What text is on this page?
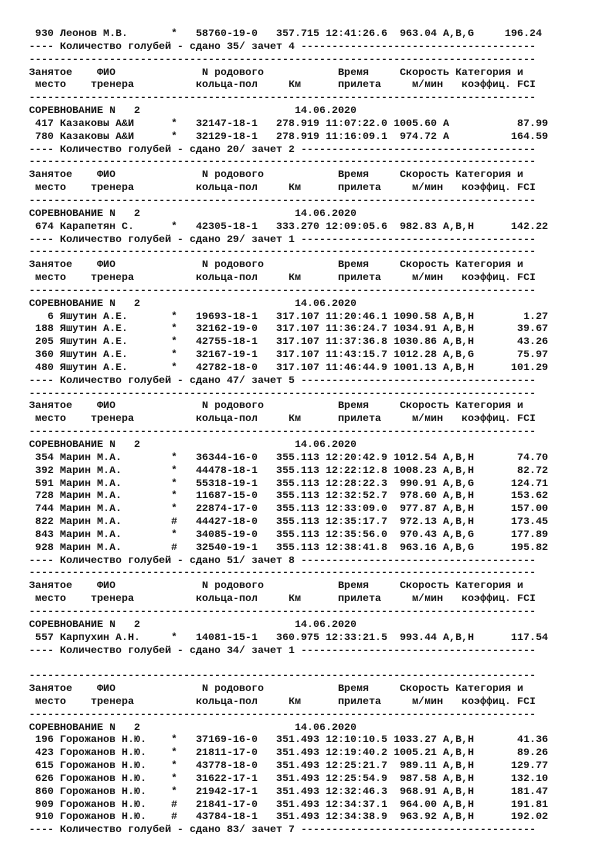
930 Леонов М.В.       *   58760-19-0   357.715 12:41:26.6  963.04 A,B,G     196.24
---- Количество голубей - сдано 35/ зачет 4 --------------------------------------
----------------------------------------------------------------------------------
Занятое    ФИО              N родового            Время     Скорость Категория и
место    тренера          кольца-пол     Км      прилета     м/мин   коэффиц. FCI
----------------------------------------------------------------------------------
СОРЕВНОВАНИЕ N   2                         14.06.2020
417 Казаковы А&И      *   32147-18-1   278.919 11:07:22.0 1005.60 A           87.99
780 Казаковы А&И      *   32129-18-1   278.919 11:16:09.1  974.72 A          164.59
---- Количество голубей - сдано 20/ зачет 2 --------------------------------------
----------------------------------------------------------------------------------
Занятое    ФИО              N родового            Время     Скорость Категория и
место    тренера          кольца-пол     Км      прилета     м/мин   коэффиц. FCI
----------------------------------------------------------------------------------
СОРЕВНОВАНИЕ N   2                         14.06.2020
674 Карапетян С.      *   42305-18-1   333.270 12:09:05.6  982.83 A,B,H      142.22
---- Количество голубей - сдано 29/ зачет 1 --------------------------------------
----------------------------------------------------------------------------------
Занятое    ФИО              N родового            Время     Скорость Категория и
место    тренера          кольца-пол     Км      прилета     м/мин   коэффиц. FCI
----------------------------------------------------------------------------------
СОРЕВНОВАНИЕ N   2                         14.06.2020
6 Яшутин А.Е.       *   19693-18-1   317.107 11:20:46.1 1090.58 A,B,H        1.27
188 Яшутин А.Е.       *   32162-19-0   317.107 11:36:24.7 1034.91 A,B,H       39.67
205 Яшутин А.Е.       *   42755-18-1   317.107 11:37:36.8 1030.86 A,B,H       43.26
360 Яшутин А.Е.       *   32167-19-1   317.107 11:43:15.7 1012.28 A,B,G       75.97
480 Яшутин А.Е.       *   42782-18-0   317.107 11:46:44.9 1001.13 A,B,H      101.29
---- Количество голубей - сдано 47/ зачет 5 --------------------------------------
----------------------------------------------------------------------------------
Занятое    ФИО              N родового            Время     Скорость Категория и
место    тренера          кольца-пол     Км      прилета     м/мин   коэффиц. FCI
----------------------------------------------------------------------------------
СОРЕВНОВАНИЕ N   2                         14.06.2020
354 Марин М.А.        *   36344-16-0   355.113 12:20:42.9 1012.54 A,B,H       74.70
392 Марин М.А.        *   44478-18-1   355.113 12:22:12.8 1008.23 A,B,H       82.72
591 Марин М.А.        *   55318-19-1   355.113 12:28:22.3  990.91 A,B,G      124.71
728 Марин М.А.        *   11687-15-0   355.113 12:32:52.7  978.60 A,B,H      153.62
744 Марин М.А.        *   22874-17-0   355.113 12:33:09.0  977.87 A,B,H      157.00
822 Марин М.А.        #   44427-18-0   355.113 12:35:17.7  972.13 A,B,H      173.45
843 Марин М.А.        *   34085-19-0   355.113 12:35:56.0  970.43 A,B,G      177.89
928 Марин М.А.        #   32540-19-1   355.113 12:38:41.8  963.16 A,B,G      195.82
---- Количество голубей - сдано 51/ зачет 8 --------------------------------------
----------------------------------------------------------------------------------
Занятое    ФИО              N родового            Время     Скорость Категория и
место    тренера          кольца-пол     Км      прилета     м/мин   коэффиц. FCI
----------------------------------------------------------------------------------
СОРЕВНОВАНИЕ N   2                         14.06.2020
557 Карпухин А.Н.     *   14081-15-1   360.975 12:33:21.5  993.44 A,B,H      117.54
---- Количество голубей - сдано 34/ зачет 1 --------------------------------------
----------------------------------------------------------------------------------
Занятое    ФИО              N родового            Время     Скорость Категория и
место    тренера          кольца-пол     Км      прилета     м/мин   коэффиц. FCI
----------------------------------------------------------------------------------
СОРЕВНОВАНИЕ N   2                         14.06.2020
196 Горожанов Н.Ю.    *   37169-16-0   351.493 12:10:10.5 1033.27 A,B,H       41.36
423 Горожанов Н.Ю.    *   21811-17-0   351.493 12:19:40.2 1005.21 A,B,H       89.26
615 Горожанов Н.Ю.    *   43778-18-0   351.493 12:25:21.7  989.11 A,B,H      129.77
626 Горожанов Н.Ю.    *   31622-17-1   351.493 12:25:54.9  987.58 A,B,H      132.10
860 Горожанов Н.Ю.    *   21942-17-1   351.493 12:32:46.3  968.91 A,B,H      181.47
909 Горожанов Н.Ю.    #   21841-17-0   351.493 12:34:37.1  964.00 A,B,H      191.81
910 Горожанов Н.Ю.    #   43784-18-1   351.493 12:34:38.9  963.92 A,B,H      192.02
---- Количество голубей - сдано 83/ зачет 7 --------------------------------------
